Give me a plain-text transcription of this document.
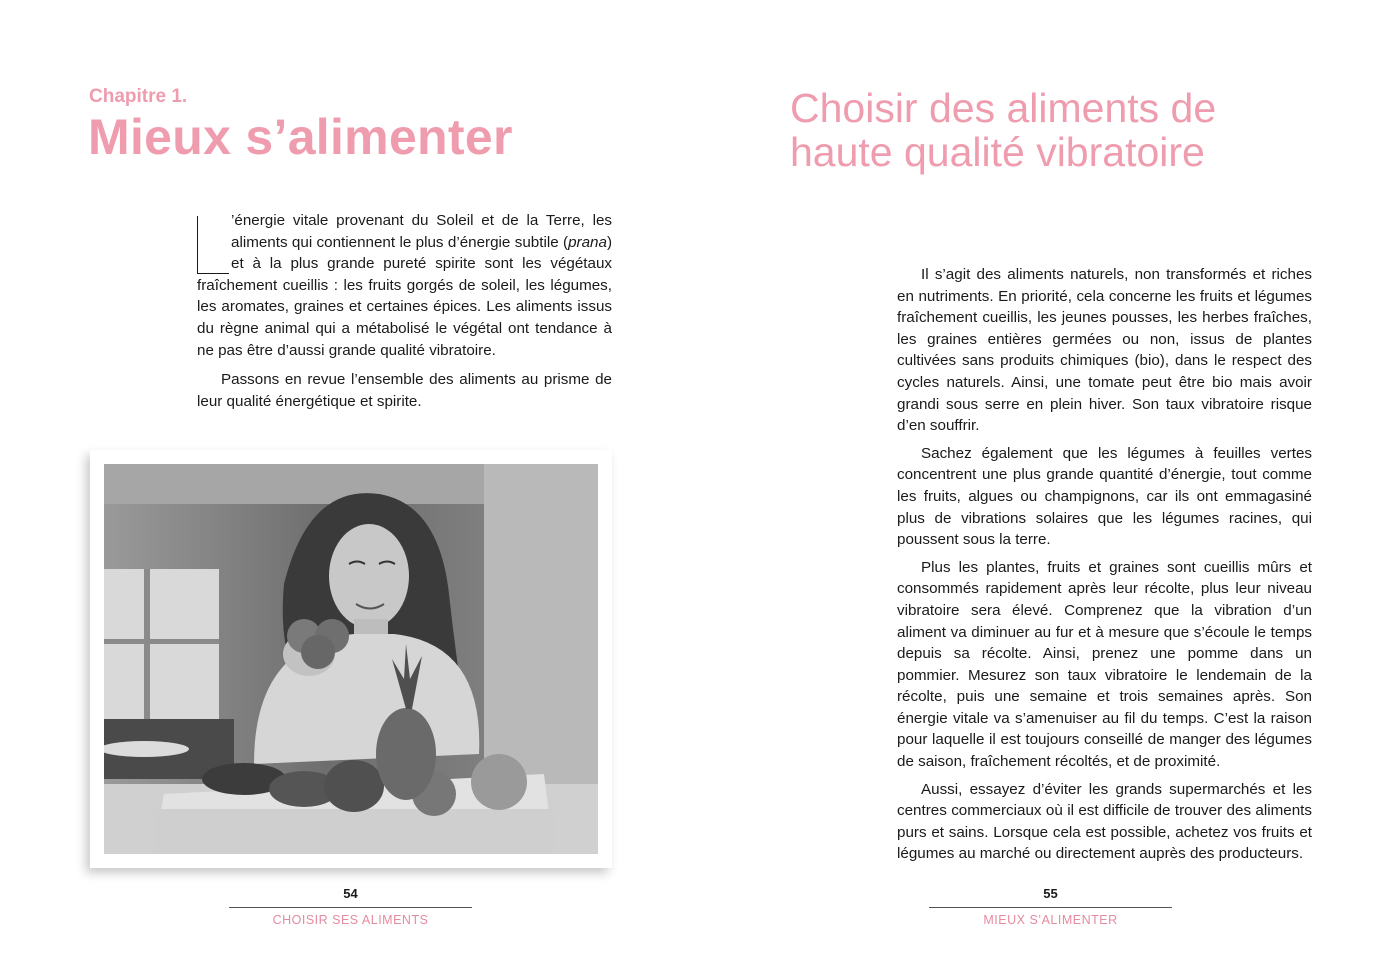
Chapitre 1.
Mieux s’alimenter

’énergie vitale provenant du Soleil et de la Terre, les aliments qui contiennent le plus d’énergie subtile (prana) et à la plus grande pureté spirite sont les végétaux fraîchement cueillis : les fruits gorgés de soleil, les légumes, les aromates, graines et certaines épices. Les aliments issus du règne animal qui a métabolisé le végétal ont tendance à ne pas être d’aussi grande qualité vibratoire.

Passons en revue l’ensemble des aliments au prisme de leur qualité énergétique et spirite.

54
CHOISIR SES ALIMENTS
Choisir des aliments de haute qualité vibratoire

Il s’agit des aliments naturels, non transformés et riches en nutriments. En priorité, cela concerne les fruits et légumes fraîchement cueillis, les jeunes pousses, les herbes fraîches, les graines entières germées ou non, issus de plantes cultivées sans produits chimiques (bio), dans le respect des cycles naturels. Ainsi, une tomate peut être bio mais avoir grandi sous serre en plein hiver. Son taux vibratoire risque d’en souffrir.

Sachez également que les légumes à feuilles vertes concentrent une plus grande quantité d’énergie, tout comme les fruits, algues ou champignons, car ils ont emmagasiné plus de vibrations solaires que les légumes racines, qui poussent sous la terre.

Plus les plantes, fruits et graines sont cueillis mûrs et consommés rapidement après leur récolte, plus leur niveau vibratoire sera élevé. Comprenez que la vibration d’un aliment va diminuer au fur et à mesure que s’écoule le temps depuis sa récolte. Ainsi, prenez une pomme dans un pommier. Mesurez son taux vibratoire le lendemain de la récolte, puis une semaine et trois semaines après. Son énergie vitale va s’amenuiser au fil du temps. C’est la raison pour laquelle il est toujours conseillé de manger des légumes de saison, fraîchement récoltés, et de proximité.

Aussi, essayez d’éviter les grands supermarchés et les centres commerciaux où il est difficile de trouver des aliments purs et sains. Lorsque cela est possible, achetez vos fruits et légumes au marché ou directement auprès des producteurs.

55
MIEUX S’ALIMENTER
